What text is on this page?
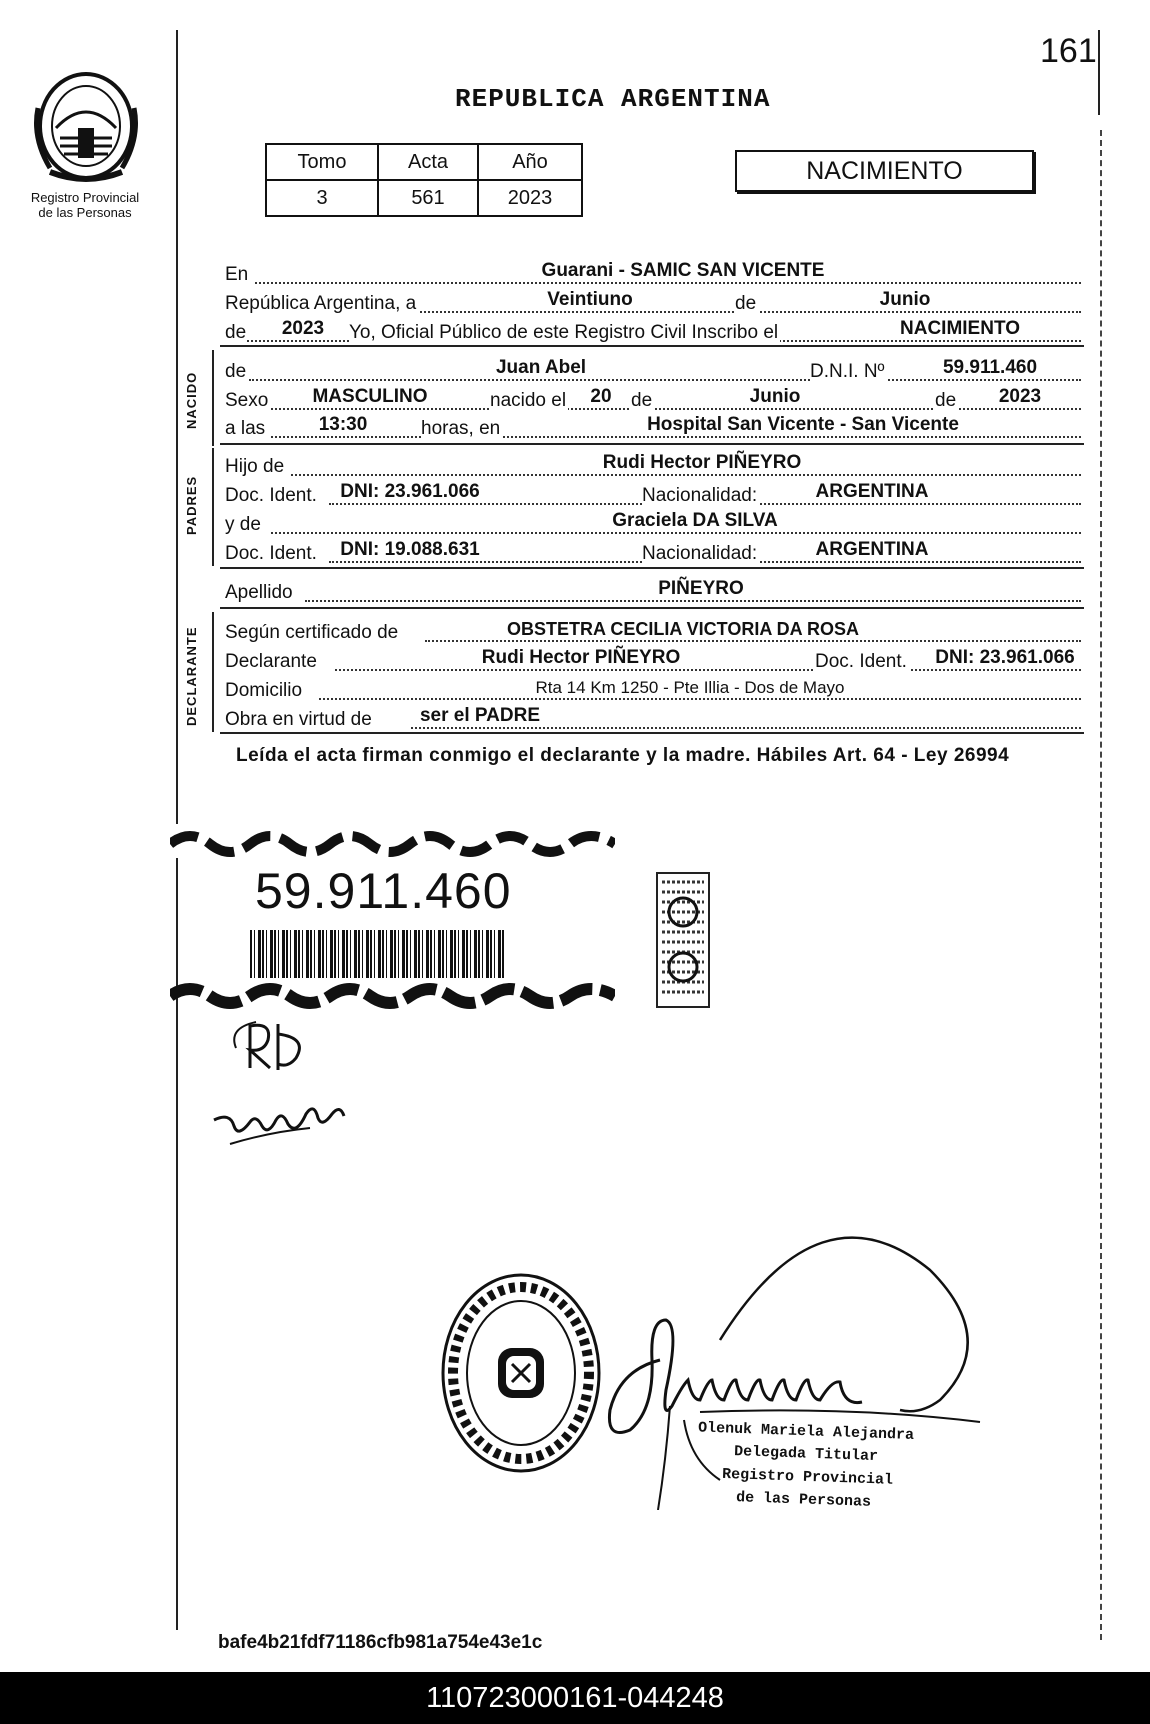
161
REPUBLICA ARGENTINA
Registro Provincial
de las Personas
Tomo	Acta	Año
3	561	2023
NACIMIENTO
En	Guarani - SAMIC SAN VICENTE
República Argentina, a	Veintiuno	de	Junio
de 2023 Yo, Oficial Público de este Registro Civil Inscribo el	NACIMIENTO
NACIDO	de	Juan Abel	D.N.I. Nº	59.911.460
Sexo MASCULINO	nacido el 20 de	Junio	de 2023
a las	13:30	horas, en	Hospital San Vicente - San Vicente
PADRES
Hijo de	Rudi Hector PIÑEYRO
Doc. Ident. DNI: 23.961.066	Nacionalidad:	ARGENTINA
y de	Graciela DA SILVA
Doc. Ident. DNI: 19.088.631	Nacionalidad:	ARGENTINA
Apellido	PIÑEYRO
DECLARANTE	Según certificado de	OBSTETRA CECILIA VICTORIA DA ROSA
Declarante	Rudi Hector PIÑEYRO	Doc. Ident. DNI: 23.961.066
Domicilio	Rta 14 Km 1250 - Pte Illia - Dos de Mayo
Obra en virtud de	ser el PADRE
Leída el acta firman conmigo el declarante y la madre. Hábiles Art. 64 - Ley 26994
59.911.460
Olenuk Mariela Alejandra
Delegada Titular
Registro Provincial
de las Personas
bafe4b21fdf71186cfb981a754e43e1c
110723000161-044248
